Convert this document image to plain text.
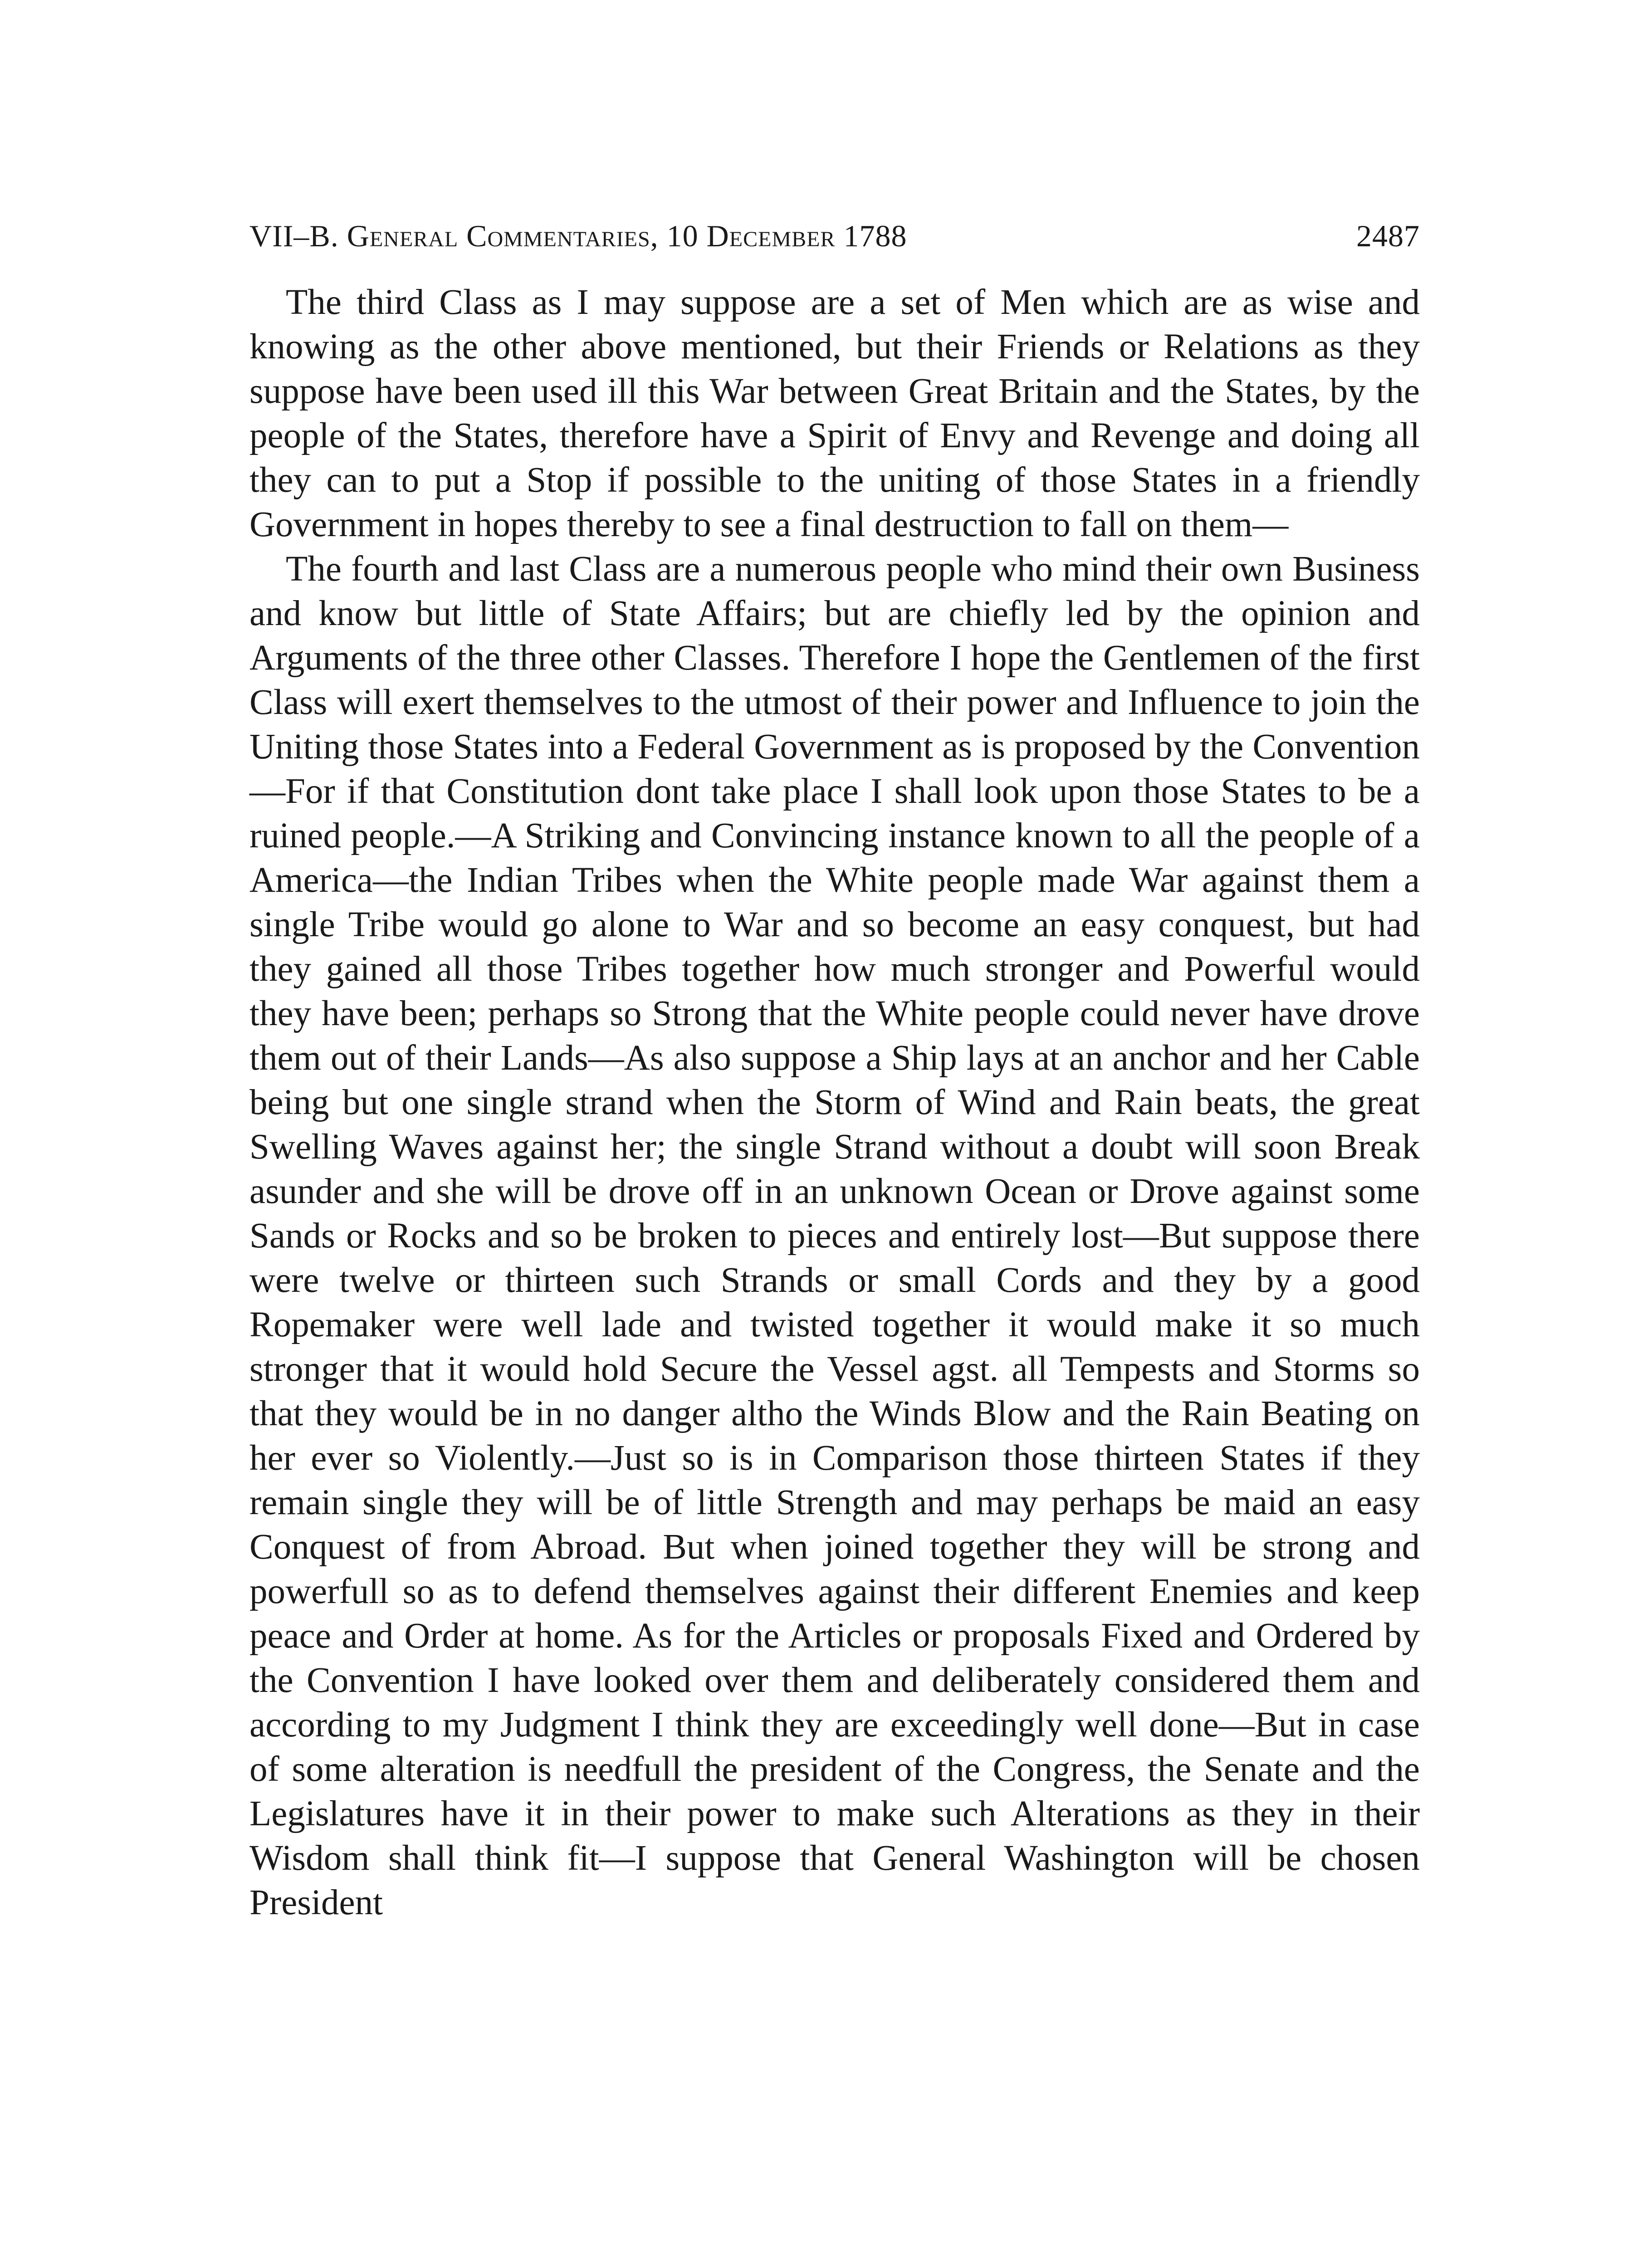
VII–B. General Commentaries, 10 December 1788	2487

The third Class as I may suppose are a set of Men which are as wise and knowing as the other above mentioned, but their Friends or Relations as they suppose have been used ill this War between Great Britain and the States, by the people of the States, therefore have a Spirit of Envy and Revenge and doing all they can to put a Stop if possible to the uniting of those States in a friendly Government in hopes thereby to see a final destruction to fall on them—

The fourth and last Class are a numerous people who mind their own Business and know but little of State Affairs; but are chiefly led by the opinion and Arguments of the three other Classes. Therefore I hope the Gentlemen of the first Class will exert themselves to the utmost of their power and Influence to join the Uniting those States into a Federal Government as is proposed by the Convention—For if that Constitution dont take place I shall look upon those States to be a ruined people.—A Striking and Convincing instance known to all the people of a America—the Indian Tribes when the White people made War against them a single Tribe would go alone to War and so become an easy conquest, but had they gained all those Tribes together how much stronger and Powerful would they have been; perhaps so Strong that the White people could never have drove them out of their Lands—As also suppose a Ship lays at an anchor and her Cable being but one single strand when the Storm of Wind and Rain beats, the great Swelling Waves against her; the single Strand without a doubt will soon Break asunder and she will be drove off in an unknown Ocean or Drove against some Sands or Rocks and so be broken to pieces and entirely lost—But suppose there were twelve or thirteen such Strands or small Cords and they by a good Ropemaker were well lade and twisted together it would make it so much stronger that it would hold Secure the Vessel agst. all Tempests and Storms so that they would be in no danger altho the Winds Blow and the Rain Beating on her ever so Violently.—Just so is in Comparison those thirteen States if they remain single they will be of little Strength and may perhaps be maid an easy Conquest of from Abroad. But when joined together they will be strong and powerfull so as to defend themselves against their different Enemies and keep peace and Order at home. As for the Articles or proposals Fixed and Ordered by the Convention I have looked over them and deliberately considered them and according to my Judgment I think they are exceedingly well done—But in case of some alteration is needfull the president of the Congress, the Senate and the Legislatures have it in their power to make such Alterations as they in their Wisdom shall think fit—I suppose that General Washington will be chosen President
